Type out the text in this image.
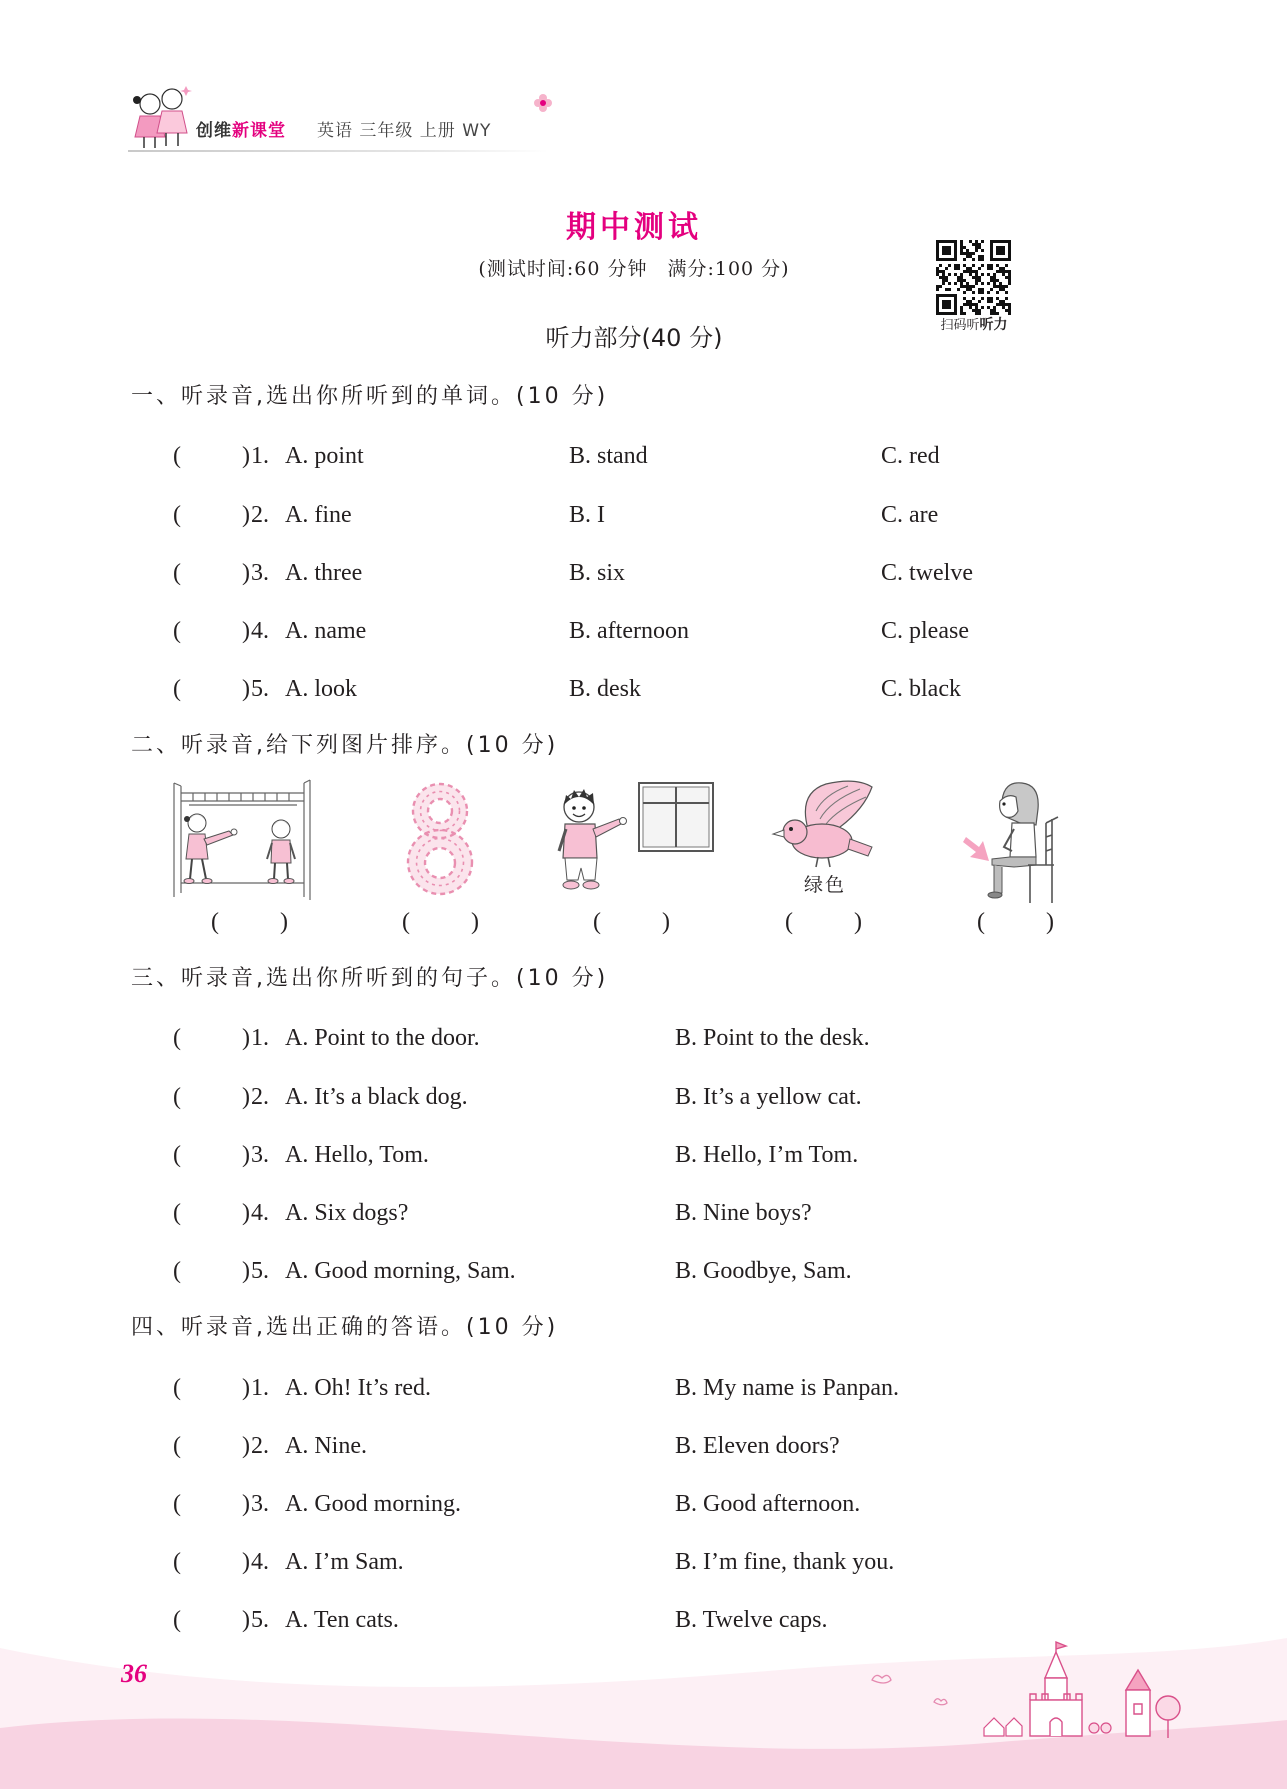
创维新课堂 英语 三年级 上册 WY
期中测试
(测试时间:60 分钟　满分:100 分)
扫码听听力
听力部分(40 分)
一、听录音,选出你所听到的单词。(10 分)
(	) 1. A. point	B. stand	C. red
(	) 2. A. fine	B. I	C. are
(	) 3. A. three	B. six	C. twelve
(	) 4. A. name	B. afternoon	C. please
(	) 5. A. look	B. desk	C. black
二、听录音,给下列图片排序。(10 分)
绿色
(	)	(	)	(	)	(	)	(	)
三、听录音,选出你所听到的句子。(10 分)
(	) 1. A. Point to the door.	B. Point to the desk.
(	) 2. A. It’s a black dog.	B. It’s a yellow cat.
(	) 3. A. Hello, Tom.	B. Hello, I’m Tom.
(	) 4. A. Six dogs?	B. Nine boys?
(	) 5. A. Good morning, Sam.	B. Goodbye, Sam.
四、听录音,选出正确的答语。(10 分)
(	) 1. A. Oh! It’s red.	B. My name is Panpan.
(	) 2. A. Nine.	B. Eleven doors?
(	) 3. A. Good morning.	B. Good afternoon.
(	) 4. A. I’m Sam.	B. I’m fine, thank you.
(	) 5. A. Ten cats.	B. Twelve caps.
36
